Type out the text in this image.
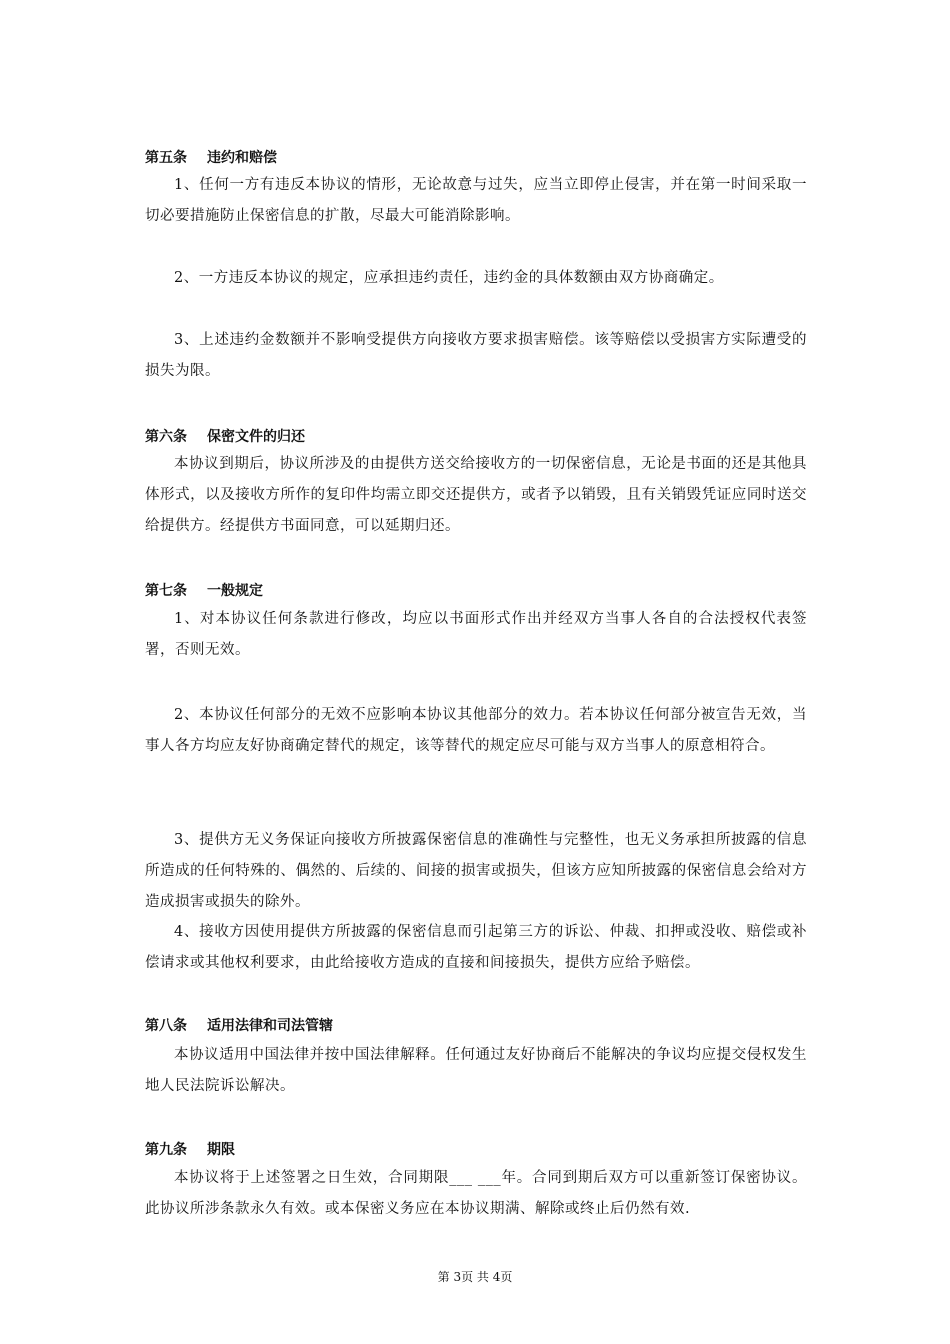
第五条 违约和赔偿
1、任何一方有违反本协议的情形，无论故意与过失，应当立即停止侵害，并在第一时间采取一切必要措施防止保密信息的扩散，尽最大可能消除影响。
2、一方违反本协议的规定，应承担违约责任，违约金的具体数额由双方协商确定。
3、上述违约金数额并不影响受提供方向接收方要求损害赔偿。该等赔偿以受损害方实际遭受的损失为限。
第六条 保密文件的归还
本协议到期后，协议所涉及的由提供方送交给接收方的一切保密信息，无论是书面的还是其他具体形式，以及接收方所作的复印件均需立即交还提供方，或者予以销毁，且有关销毁凭证应同时送交给提供方。经提供方书面同意，可以延期归还。
第七条 一般规定
1、对本协议任何条款进行修改，均应以书面形式作出并经双方当事人各自的合法授权代表签署，否则无效。
2、本协议任何部分的无效不应影响本协议其他部分的效力。若本协议任何部分被宣告无效，当事人各方均应友好协商确定替代的规定，该等替代的规定应尽可能与双方当事人的原意相符合。
3、提供方无义务保证向接收方所披露保密信息的准确性与完整性，也无义务承担所披露的信息所造成的任何特殊的、偶然的、后续的、间接的损害或损失，但该方应知所披露的保密信息会给对方造成损害或损失的除外。
4、接收方因使用提供方所披露的保密信息而引起第三方的诉讼、仲裁、扣押或没收、赔偿或补偿请求或其他权利要求，由此给接收方造成的直接和间接损失，提供方应给予赔偿。
第八条 适用法律和司法管辖
本协议适用中国法律并按中国法律解释。任何通过友好协商后不能解决的争议均应提交侵权发生地人民法院诉讼解决。
第九条 期限
本协议将于上述签署之日生效，合同期限___ ___年。合同到期后双方可以重新签订保密协议。此协议所涉条款永久有效。或本保密义务应在本协议期满、解除或终止后仍然有效.
第 3页 共 4页
